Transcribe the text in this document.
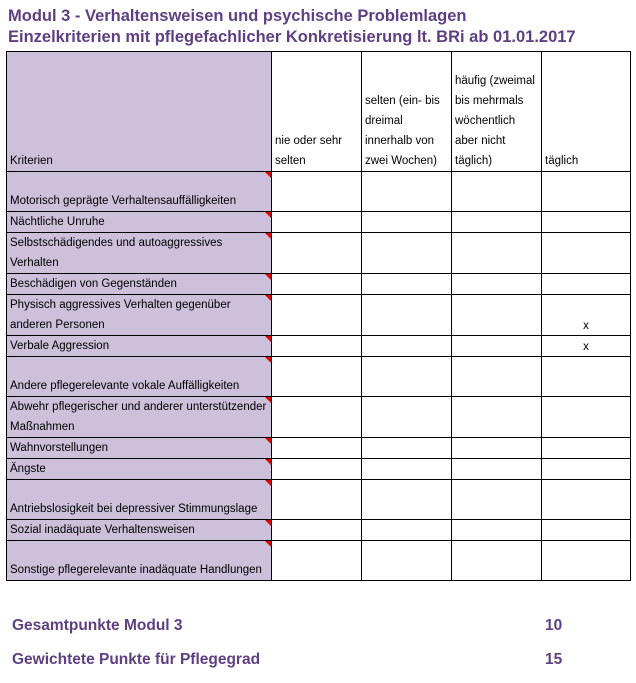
Modul 3 - Verhaltensweisen und psychische Problemlagen
Einzelkriterien mit pflegefachlicher Konkretisierung lt. BRi ab 01.01.2017
Kriterien	nie oder sehr selten	selten (ein- bis dreimal innerhalb von zwei Wochen)	häufig (zweimal bis mehrmals wöchentlich aber nicht täglich)	täglich
Motorisch geprägte Verhaltensauffälligkeiten				
Nächtliche Unruhe				
Selbstschädigendes und autoaggressives Verhalten				
Beschädigen von Gegenständen				
Physisch aggressives Verhalten gegenüber anderen Personen				x
Verbale Aggression				x
Andere pflegerelevante vokale Auffälligkeiten				
Abwehr pflegerischer und anderer unterstützender Maßnahmen				
Wahnvorstellungen				
Ängste				
Antriebslosigkeit bei depressiver Stimmungslage				
Sozial inadäquate Verhaltensweisen				
Sonstige pflegerelevante inadäquate Handlungen				
Gesamtpunkte Modul 3	10
Gewichtete Punkte für Pflegegrad	15
